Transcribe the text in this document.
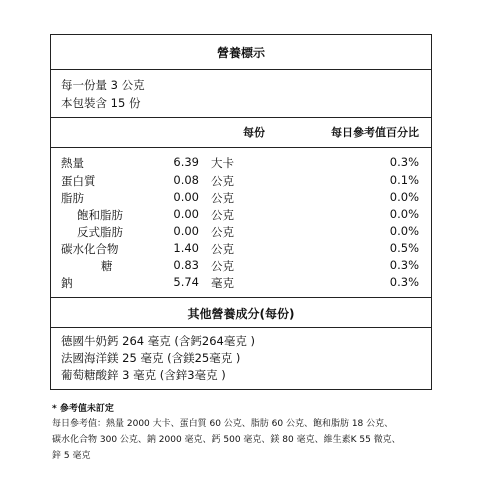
營養標示
每一份量 3 公克
本包裝含 15 份
每份	每日參考值百分比
熱量	6.39 大卡	0.3%
蛋白質	0.08 公克	0.1%
脂肪	0.00 公克	0.0%
飽和脂肪	0.00 公克	0.0%
反式脂肪	0.00 公克	0.0%
碳水化合物	1.40 公克	0.5%
糖	0.83 公克	0.3%
鈉	5.74 毫克	0.3%
其他營養成分(每份)
德國牛奶鈣 264 毫克 (含鈣264毫克 )
法國海洋鎂 25 毫克 (含鎂25毫克 )
葡萄糖酸鋅 3 毫克 (含鋅3毫克 )
* 參考值未訂定
每日參考值：熱量 2000 大卡、蛋白質 60 公克、脂肪 60 公克、飽和脂肪 18 公克、
碳水化合物 300 公克、鈉 2000 毫克、鈣 500 毫克、鎂 80 毫克、維生素K 55 微克、
鋅 5 毫克
